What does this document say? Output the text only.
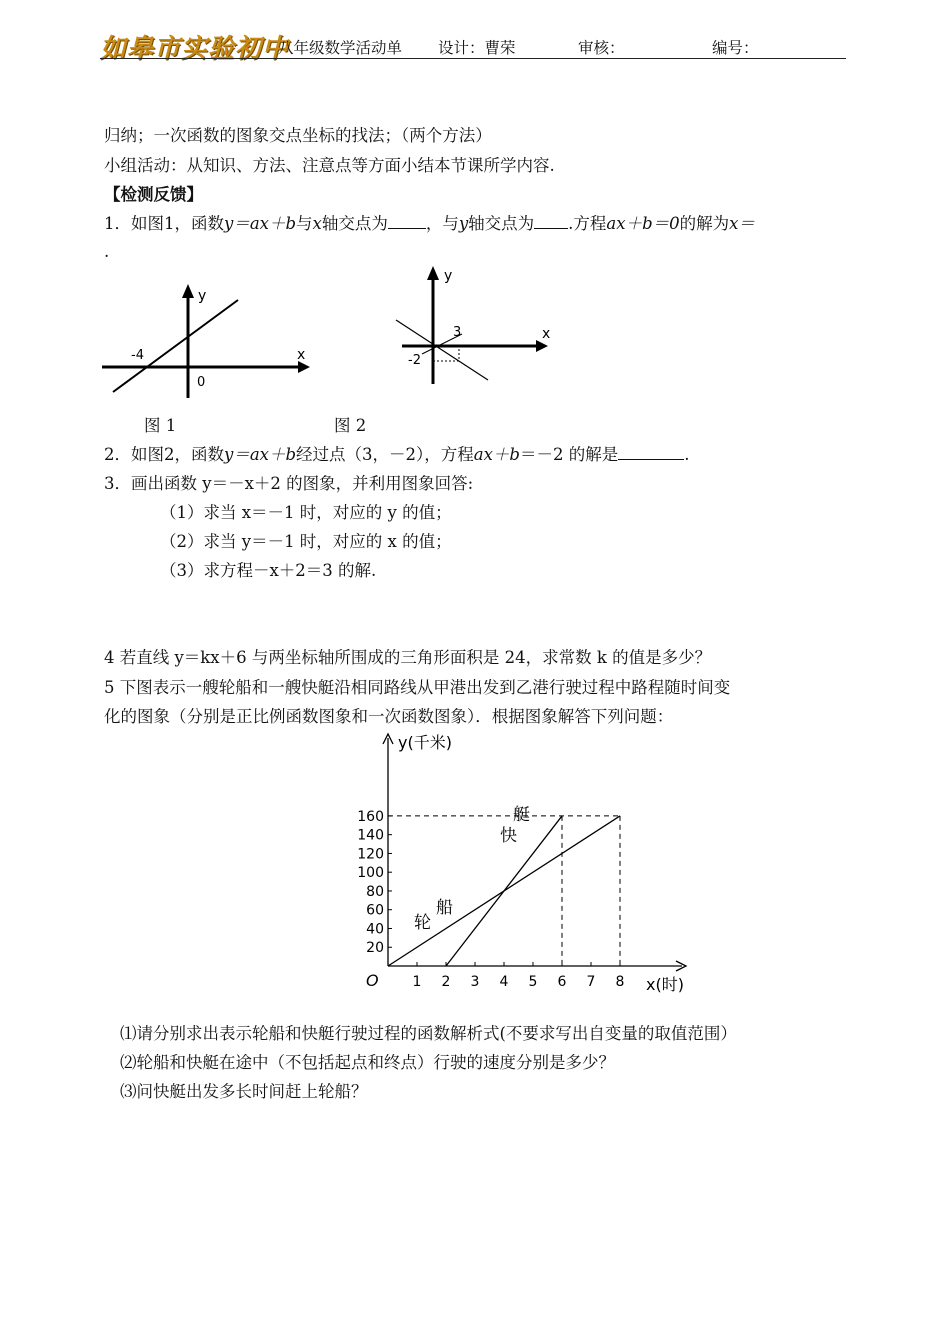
如皋市实验初中
八年级数学活动单 设计：曹荣	审核：	编号：
归纳；一次函数的图象交点坐标的找法；（两个方法）
小组活动：从知识、方法、注意点等方面小结本节课所学内容.
【检测反馈】
1．如图1，函数y＝ax＋b与x轴交点为 ，与y轴交点为 .方程ax＋b＝0的解为x＝
.
y
x
-4
0
图 1
y
x
3
-2
图 2
2．如图2，函数y＝ax＋b经过点（3，－2），方程ax＋b＝－2 的解是	.
3．画出函数 y＝－x＋2 的图象，并利用图象回答:
（1）求当 x＝－1 时，对应的 y 的值；
（2）求当 y＝－1 时，对应的 x 的值；
（3）求方程－x＋2＝3 的解.
4 若直线 y＝kx＋6 与两坐标轴所围成的三角形面积是 24，求常数 k 的值是多少？
5 下图表示一艘轮船和一艘快艇沿相同路线从甲港出发到乙港行驶过程中路程随时间变
化的图象（分别是正比例函数图象和一次函数图象）．根据图象解答下列问题：
y(千米)
x(时)
O
20
40
60
80
100
120
140
160
1 2 3 4 5 6 7 8
轮
船
快
艇
⑴请分别求出表示轮船和快艇行驶过程的函数解析式(不要求写出自变量的取值范围）
⑵轮船和快艇在途中（不包括起点和终点）行驶的速度分别是多少？
⑶问快艇出发多长时间赶上轮船？
